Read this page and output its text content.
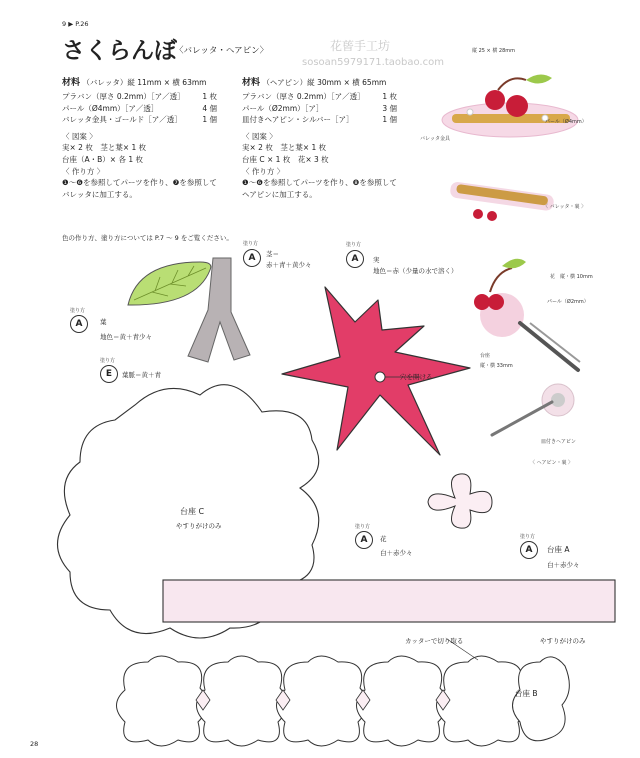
9 ▶ P.26
さくらんぼ
〈バレッタ・ヘアピン〉	花蒈手工坊
sosoan5979171.taobao.com
材料 （バレッタ）縦 11mm × 横 63mm
プラバン（厚さ 0.2mm）［ア／透］ 1 枚
パール（Ø4mm）［ア／透］	4 個
バレッタ金具・ゴールド［ア／透］	1 個
〈 図案 〉
実× 2 枚　茎と葉× 1 枚
台座（A・B）× 各 1 枚
〈 作り方 〉
❶〜❻を参照してパーツを作り、❼を参照して
バレッタに加工する。
材料 （ヘアピン）縦 30mm × 横 65mm
プラバン（厚さ 0.2mm）［ア／透］ 1 枚
パール（Ø2mm）［ア］	3 個
皿付きヘアピン・シルバー［ア］	1 個
〈 図案 〉
実× 2 枚　茎と葉× 1 枚
台座 C × 1 枚　花× 3 枚
〈 作り方 〉
❶〜❻を参照してパーツを作り、❽を参照して
ヘアピンに加工する。
色の作り方、塗り方については P.7 〜 9 をご覧ください。
縦 25 × 横 28mm
パール（Ø4mm）
バレッタ金具
〈 バレッタ・裏 〉
花　縦・横 10mm
パール（Ø2mm）
台座
縦・横 33mm
皿付きヘアピン
〈 ヘアピン・裏 〉
塗り方
A	茎＝
赤＋青＋黄少々
塗り方
A	実
地色＝赤（少量の水で溶く）
穴を開ける
塗り方
A	葉
地色＝黄＋青少々
塗り方
E	葉脈＝黄＋青
台座 C
やすりがけのみ	塗り方
A	花
白＋赤少々
塗り方
A	台座 A
白＋赤少々
カッターで切り取る	やすりがけのみ
台座 B
28
